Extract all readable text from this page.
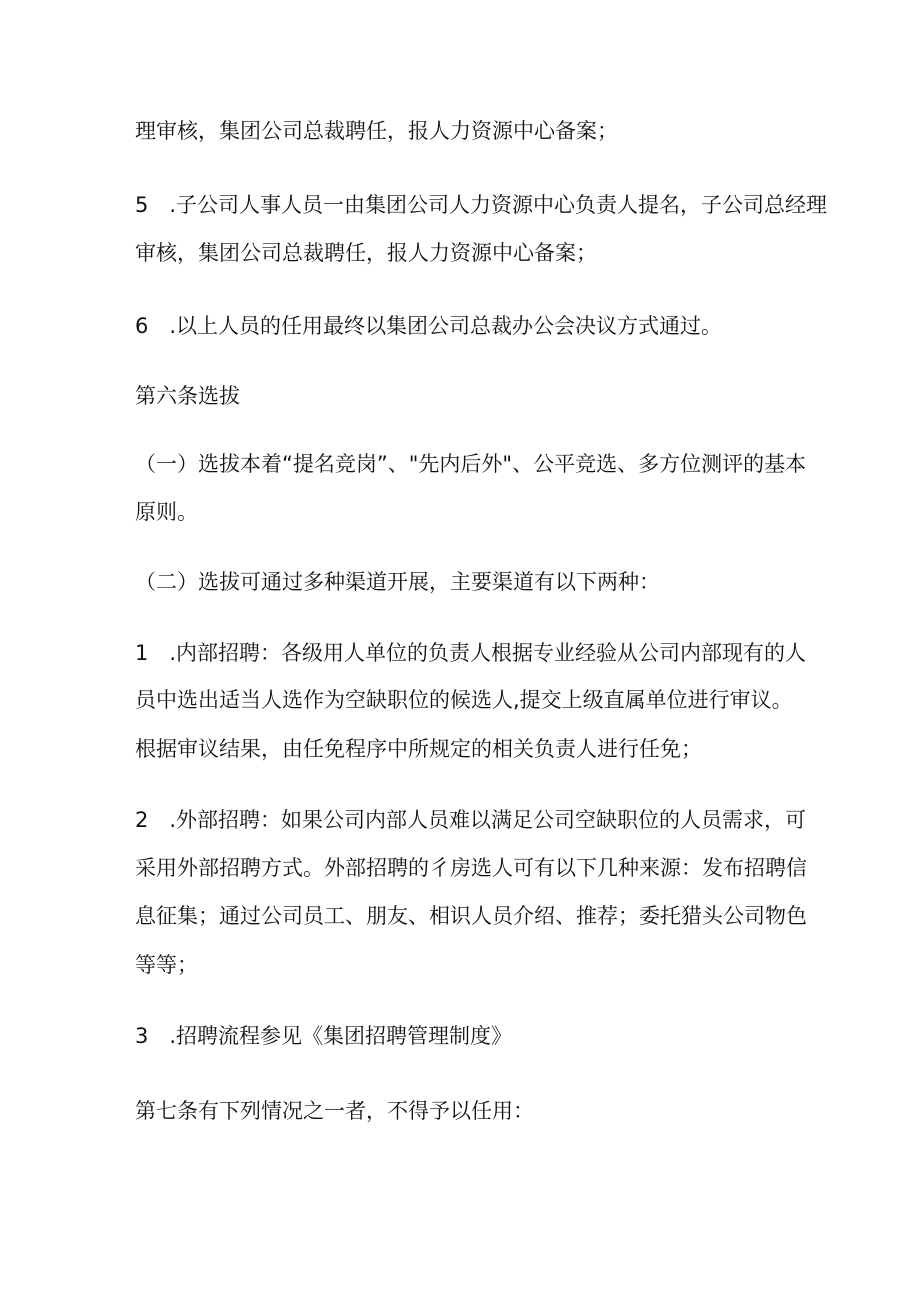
理审核，集团公司总裁聘任，报人力资源中心备案；
5　.子公司人事人员一由集团公司人力资源中心负责人提名，子公司总经理
审核，集团公司总裁聘任，报人力资源中心备案；
6　.以上人员的任用最终以集团公司总裁办公会决议方式通过。
第六条选拔
（一）选拔本着“提名竞岗”、"先内后外"、公平竞选、多方位测评的基本
原则。
（二）选拔可通过多种渠道开展，主要渠道有以下两种：
1　.内部招聘：各级用人单位的负责人根据专业经验从公司内部现有的人
员中选出适当人选作为空缺职位的候选人,提交上级直属单位进行审议。
根据审议结果，由任免程序中所规定的相关负责人进行任免；
2　.外部招聘：如果公司内部人员难以满足公司空缺职位的人员需求，可
采用外部招聘方式。外部招聘的彳房选人可有以下几种来源：发布招聘信
息征集；通过公司员工、朋友、相识人员介绍、推荐；委托猎头公司物色
等等；
3　.招聘流程参见《集团招聘管理制度》
第七条有下列情况之一者，不得予以任用：
